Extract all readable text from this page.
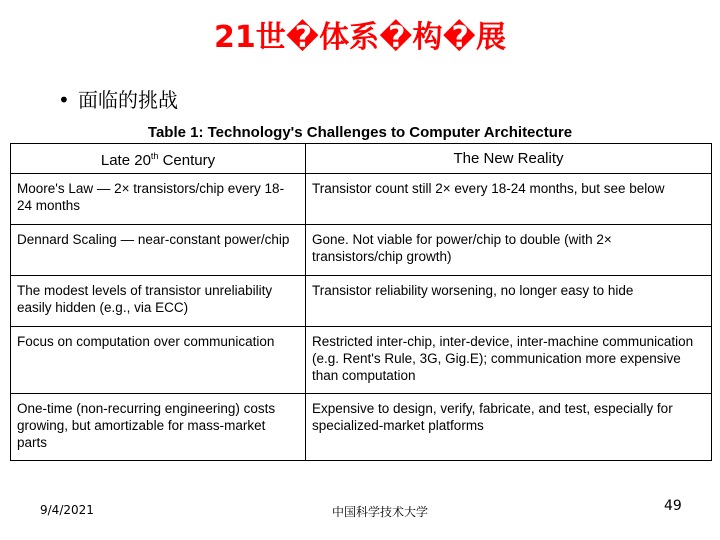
21世�体系�构�展
• 面临的挑战
Table 1: Technology's Challenges to Computer Architecture
Late 20th Century	The New Reality
Moore's Law — 2× transistors/chip every 18-24 months	Transistor count still 2× every 18-24 months, but see below
Dennard Scaling — near-constant power/chip	Gone. Not viable for power/chip to double (with 2× transistors/chip growth)
The modest levels of transistor unreliability easily hidden (e.g., via ECC)	Transistor reliability worsening, no longer easy to hide
Focus on computation over communication	Restricted inter-chip, inter-device, inter-machine communication (e.g. Rent's Rule, 3G, Gig.E); communication more expensive than computation
One-time (non-recurring engineering) costs growing, but amortizable for mass-market parts	Expensive to design, verify, fabricate, and test, especially for specialized-market platforms
9/4/2021	中国科学技术大学	49
